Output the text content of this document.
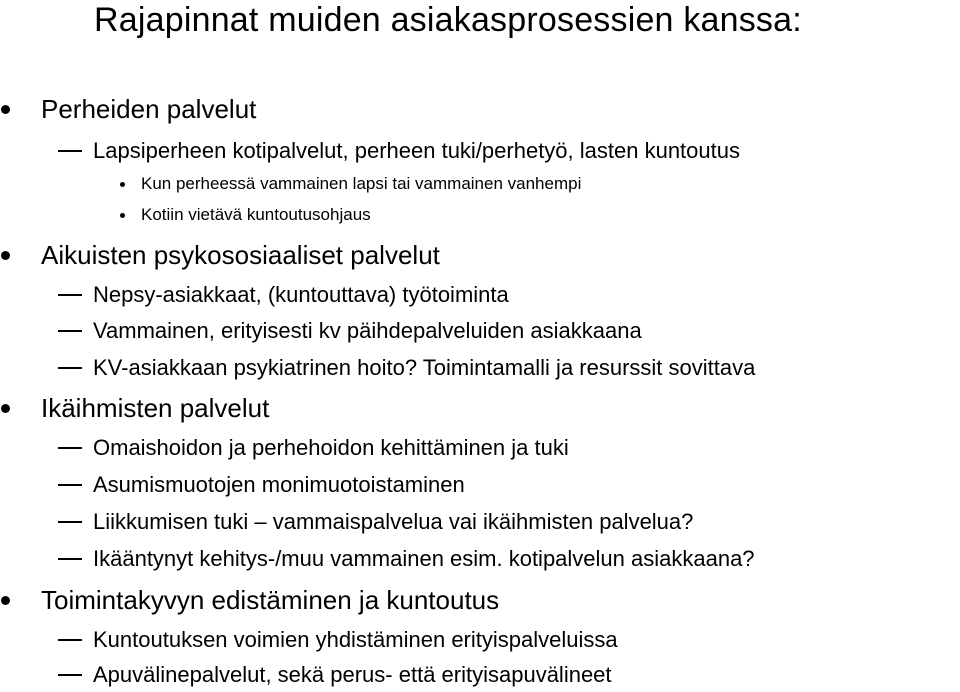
Rajapinnat muiden asiakasprosessien kanssa:
Perheiden palvelut
Lapsiperheen kotipalvelut, perheen tuki/perhetyö, lasten kuntoutus
Kun perheessä vammainen lapsi tai vammainen vanhempi
Kotiin vietävä kuntoutusohjaus
Aikuisten psykososiaaliset palvelut
Nepsy-asiakkaat, (kuntouttava) työtoiminta
Vammainen, erityisesti kv päihdepalveluiden asiakkaana
KV-asiakkaan psykiatrinen hoito? Toimintamalli ja resurssit sovittava
Ikäihmisten palvelut
Omaishoidon ja perhehoidon kehittäminen ja tuki
Asumismuotojen monimuotoistaminen
Liikkumisen tuki – vammaispalvelua vai ikäihmisten palvelua?
Ikääntynyt kehitys-/muu vammainen esim. kotipalvelun asiakkaana?
Toimintakyvyn edistäminen ja kuntoutus
Kuntoutuksen voimien yhdistäminen erityispalveluissa
Apuvälinepalvelut, sekä perus- että erityisapuvälineet
